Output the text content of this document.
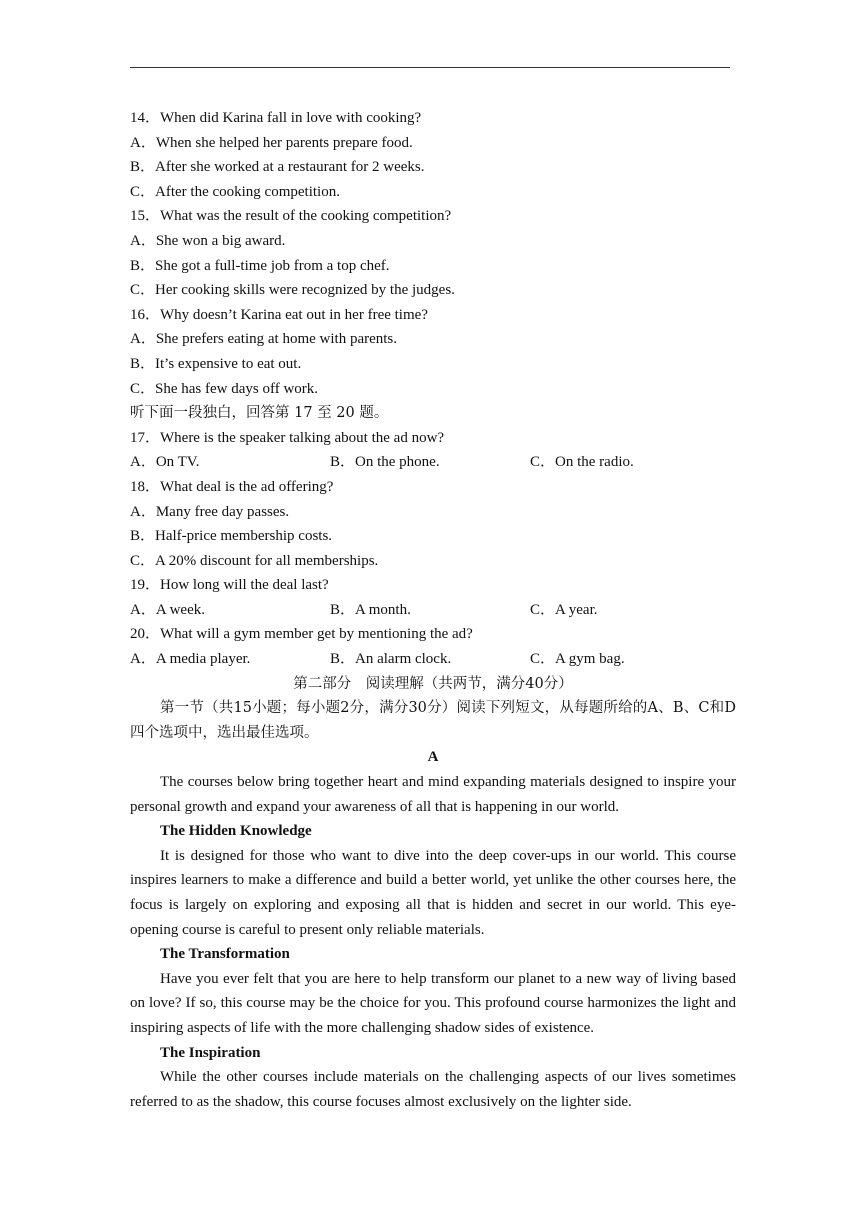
14．When did Karina fall in love with cooking?
A．When she helped her parents prepare food.
B．After she worked at a restaurant for 2 weeks.
C．After the cooking competition.
15．What was the result of the cooking competition?
A．She won a big award.
B．She got a full-time job from a top chef.
C．Her cooking skills were recognized by the judges.
16．Why doesn’t Karina eat out in her free time?
A．She prefers eating at home with parents.
B．It’s expensive to eat out.
C．She has few days off work.
听下面一段独白，回答第 17 至 20 题。
17．Where is the speaker talking about the ad now?
A．On TV.	B．On the phone.	C．On the radio.
18．What deal is the ad offering?
A．Many free day passes.
B．Half-price membership costs.
C．A 20% discount for all memberships.
19．How long will the deal last?
A．A week.	B．A month.	C．A year.
20．What will a gym member get by mentioning the ad?
A．A media player.	B．An alarm clock.	C．A gym bag.
第二部分　阅读理解（共两节，满分40分）
第一节（共15小题；每小题2分，满分30分）阅读下列短文，从每题所给的A、B、C和D四个选项中，选出最佳选项。
A
The courses below bring together heart and mind expanding materials designed to inspire your personal growth and expand your awareness of all that is happening in our world.
The Hidden Knowledge
It is designed for those who want to dive into the deep cover-ups in our world. This course inspires learners to make a difference and build a better world, yet unlike the other courses here, the focus is largely on exploring and exposing all that is hidden and secret in our world. This eye-opening course is careful to present only reliable materials.
The Transformation
Have you ever felt that you are here to help transform our planet to a new way of living based on love? If so, this course may be the choice for you. This profound course harmonizes the light and inspiring aspects of life with the more challenging shadow sides of existence.
The Inspiration
While the other courses include materials on the challenging aspects of our lives sometimes referred to as the shadow, this course focuses almost exclusively on the lighter side.
